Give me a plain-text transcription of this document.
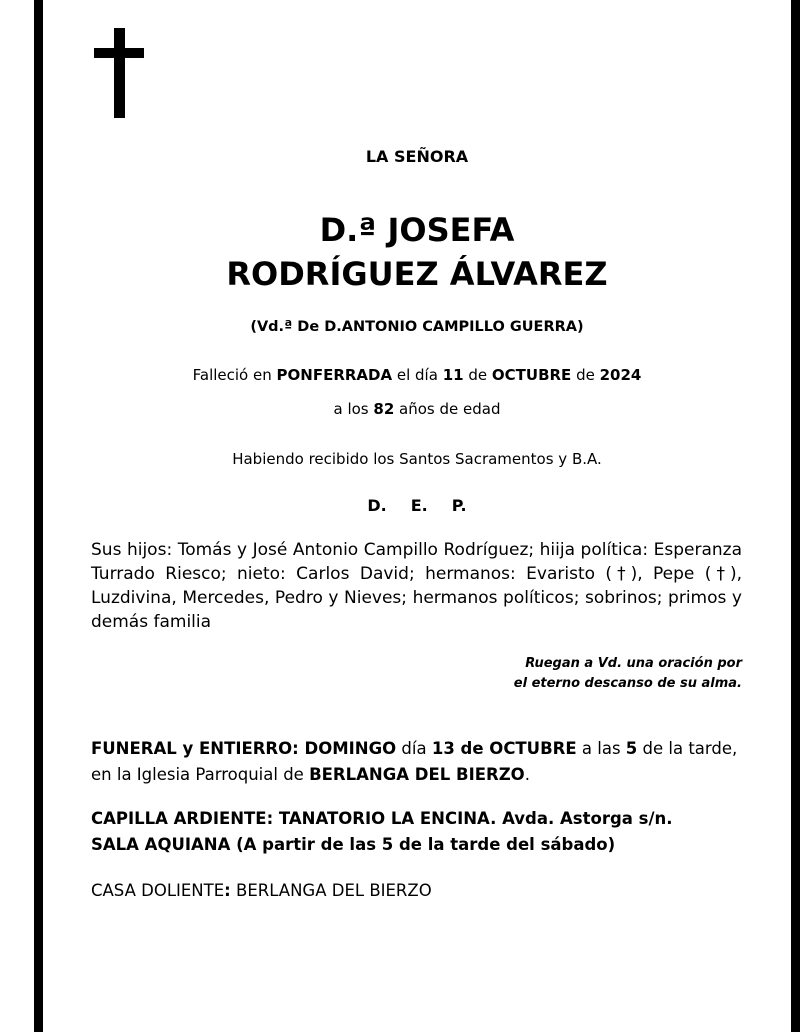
LA SEÑORA
D.ª JOSEFA
RODRÍGUEZ ÁLVAREZ
(Vd.ª De D.ANTONIO CAMPILLO GUERRA)
Falleció en PONFERRADA el día 11 de OCTUBRE de 2024
a los 82 años de edad
Habiendo recibido los Santos Sacramentos y B.A.
D. E. P.
Sus hijos: Tomás y José Antonio Campillo Rodríguez; hiija política: Esperanza Turrado Riesco; nieto: Carlos David; hermanos: Evaristo (†), Pepe (†), Luzdivina, Mercedes, Pedro y Nieves; hermanos políticos; sobrinos; primos y demás familia
Ruegan a Vd. una oración por
el eterno descanso de su alma.
FUNERAL y ENTIERRO: DOMINGO día 13 de OCTUBRE a las 5 de la tarde,
en la Iglesia Parroquial de BERLANGA DEL BIERZO.
CAPILLA ARDIENTE: TANATORIO LA ENCINA. Avda. Astorga s/n.
SALA AQUIANA (A partir de las 5 de la tarde del sábado)
CASA DOLIENTE: BERLANGA DEL BIERZO
